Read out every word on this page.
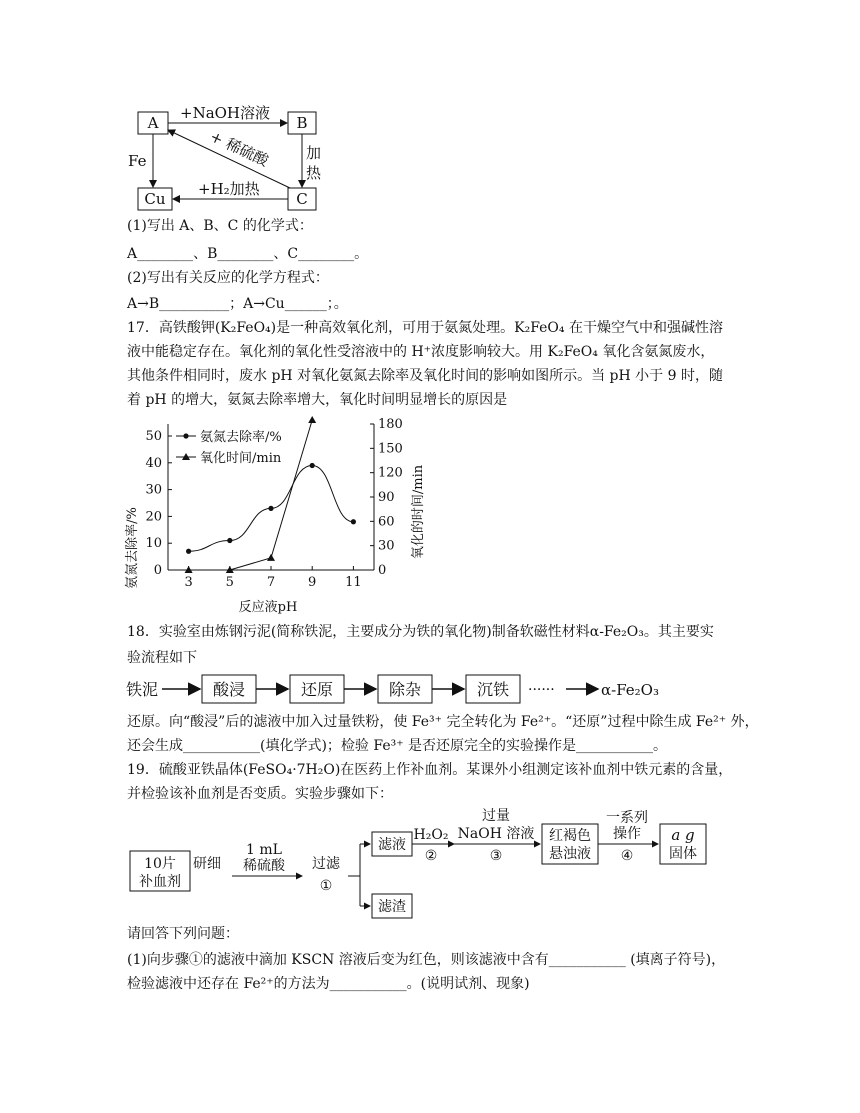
A	B
Cu	C
+NaOH溶液
加
热
+ 稀硫酸
Fe
+H₂加热
(1)写出 A、B、C 的化学式：
A________、B________、C________。
(2)写出有关反应的化学方程式：
A→B__________；A→Cu______；。
17．高铁酸钾(K₂FeO₄)是一种高效氧化剂，可用于氨氮处理。K₂FeO₄ 在干燥空气中和强碱性溶
液中能稳定存在。氧化剂的氧化性受溶液中的 H⁺浓度影响较大。用 K₂FeO₄ 氧化含氨氮废水，
其他条件相同时，废水 pH 对氧化氨氮去除率及氧化时间的影响如图所示。当 pH 小于 9 时，随
着 pH 的增大，氨氮去除率增大，氧化时间明显增长的原因是
0
10
20
30
40
50
0
30
60
90
120
150
180
3	5	7	9 11
氨氮去除率/%
氧化时间/min
氨氮去除率/%	氧化的时间/min
反应液pH
18．实验室由炼钢污泥(简称铁泥，主要成分为铁的氧化物)制备软磁性材料α-Fe₂O₃。其主要实
验流程如下
铁泥	酸浸	还原	除杂	沉铁 ······	α-Fe₂O₃
还原。向“酸浸”后的滤液中加入过量铁粉，使 Fe³⁺ 完全转化为 Fe²⁺。“还原”过程中除生成 Fe²⁺ 外，
还会生成___________(填化学式)；检验 Fe³⁺ 是否还原完全的实验操作是___________。
19．硫酸亚铁晶体(FeSO₄·7H₂O)在医药上作补血剂。某课外小组测定该补血剂中铁元素的含量，
并检验该补血剂是否变质。实验步骤如下：
10片
补血剂
研细
1 mL
稀硫酸 过滤
①
滤液
滤渣
H₂O₂
②
过量
NaOH 溶液
③
红褐色
悬浊液
一系列
操作
④
a g
固体
请回答下列问题：
(1)向步骤①的滤液中滴加 KSCN 溶液后变为红色，则该滤液中含有___________ (填离子符号)，
检验滤液中还存在 Fe²⁺的方法为___________。(说明试剂、现象)
